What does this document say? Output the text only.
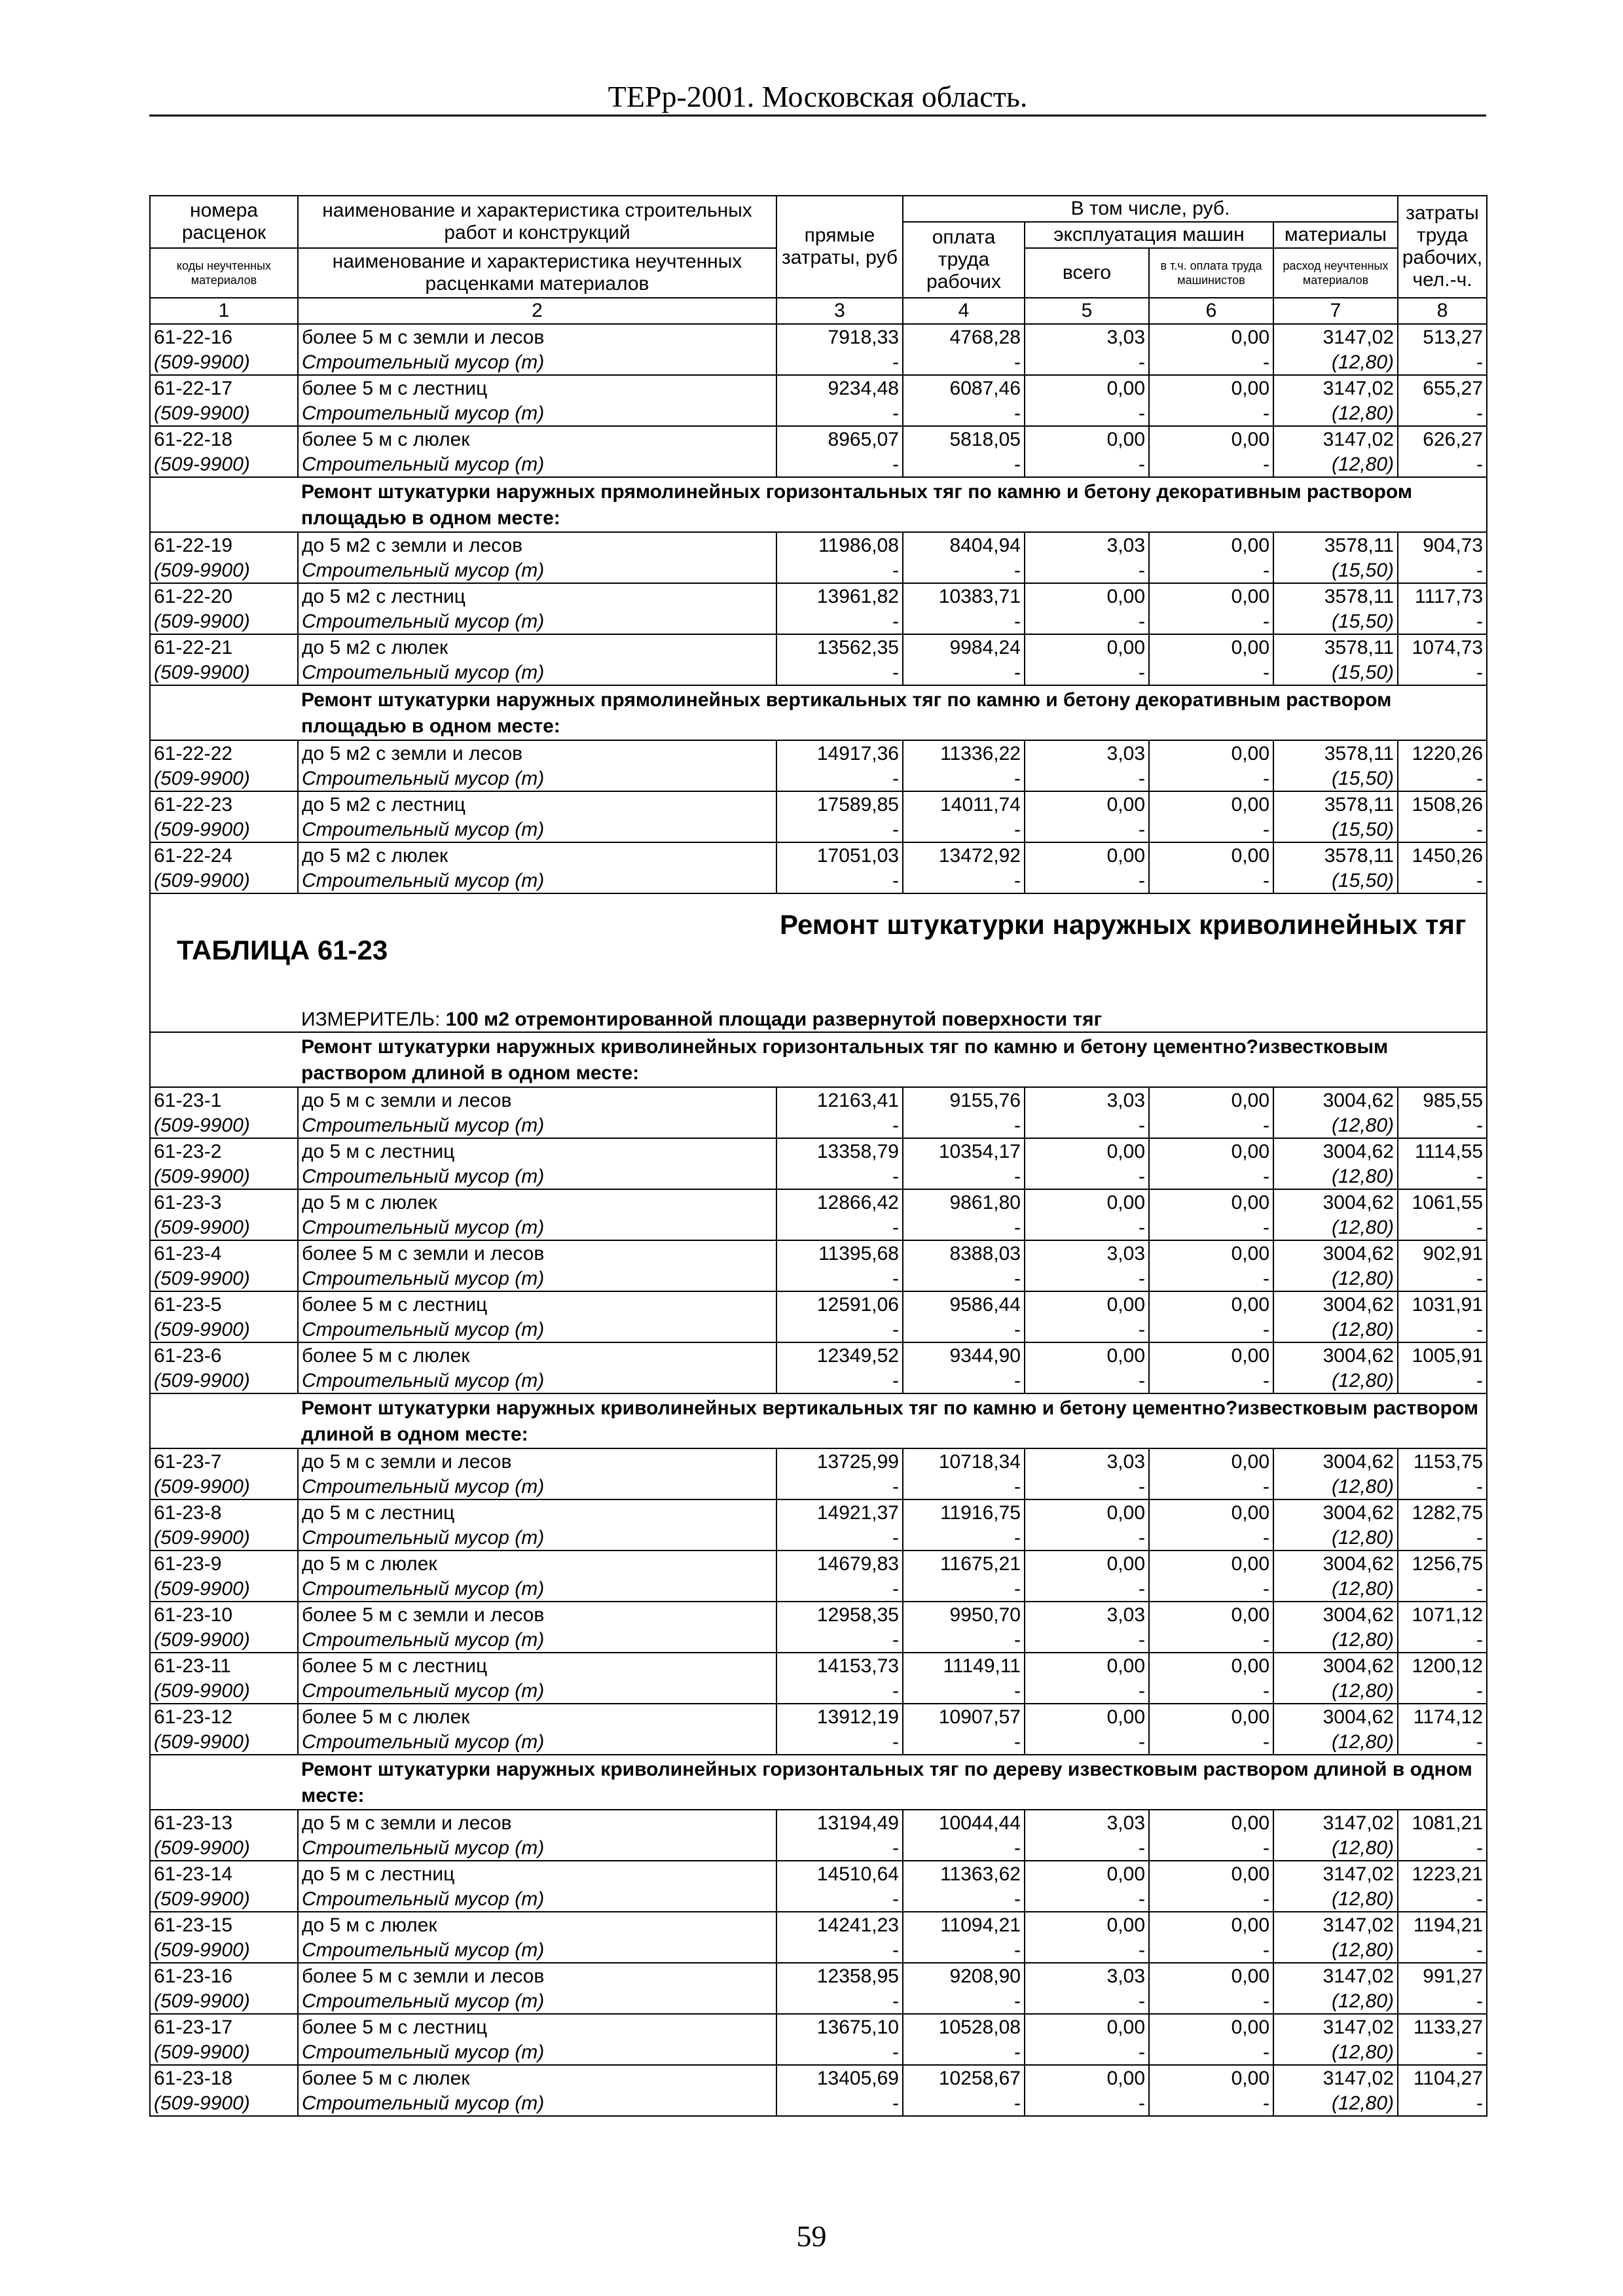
ТЕРр-2001. Московская область.
номера расценок	наименование и характеристика строительных работ и конструкций	прямые затраты, руб	В том числе, руб.				затраты труда рабочих, чел.-ч.
			оплата труда рабочих	эксплуатация машин		материалы	
коды неучтенных материалов	наименование и характеристика неучтенных расценками материалов			всего	в т.ч. оплата труда машинистов	расход неучтенных материалов	

1	2	3	4	5	6	7	8
61-22-16	более 5 м с земли и лесов	7918,33	4768,28	3,03	0,00	3147,02	513,27
(509-9900)	Строительный мусор (т)	-	-	-	-	(12,80)	-
61-22-17	более 5 м с лестниц	9234,48	6087,46	0,00	0,00	3147,02	655,27
(509-9900)	Строительный мусор (т)	-	-	-	-	(12,80)	-
61-22-18	более 5 м с люлек	8965,07	5818,05	0,00	0,00	3147,02	626,27
(509-9900)	Строительный мусор (т)	-	-	-	-	(12,80)	-
	Ремонт штукатурки наружных прямолинейных горизонтальных тяг по камню и бетону декоративным раствором площадью в одном месте:						
61-22-19	до 5 м2 с земли и лесов	11986,08	8404,94	3,03	0,00	3578,11	904,73
(509-9900)	Строительный мусор (т)	-	-	-	-	(15,50)	-
61-22-20	до 5 м2 с лестниц	13961,82	10383,71	0,00	0,00	3578,11	1117,73
(509-9900)	Строительный мусор (т)	-	-	-	-	(15,50)	-
61-22-21	до 5 м2 с люлек	13562,35	9984,24	0,00	0,00	3578,11	1074,73
(509-9900)	Строительный мусор (т)	-	-	-	-	(15,50)	-
	Ремонт штукатурки наружных прямолинейных вертикальных тяг по камню и бетону декоративным раствором площадью в одном месте:						
61-22-22	до 5 м2 с земли и лесов	14917,36	11336,22	3,03	0,00	3578,11	1220,26
(509-9900)	Строительный мусор (т)	-	-	-	-	(15,50)	-
61-22-23	до 5 м2 с лестниц	17589,85	14011,74	0,00	0,00	3578,11	1508,26
(509-9900)	Строительный мусор (т)	-	-	-	-	(15,50)	-
61-22-24	до 5 м2 с люлек	17051,03	13472,92	0,00	0,00	3578,11	1450,26
(509-9900)	Строительный мусор (т)	-	-	-	-	(15,50)	-
ТАБЛИЦА 61-23		Ремонт штукатурки наружных криволинейных тяг					
	ИЗМЕРИТЕЛЬ: 100 м2 отремонтированной площади развернутой поверхности тяг						
	Ремонт штукатурки наружных криволинейных горизонтальных тяг по камню и бетону цементно?известковым раствором длиной в одном месте:						
61-23-1	до 5 м с земли и лесов	12163,41	9155,76	3,03	0,00	3004,62	985,55
(509-9900)	Строительный мусор (т)	-	-	-	-	(12,80)	-
61-23-2	до 5 м с лестниц	13358,79	10354,17	0,00	0,00	3004,62	1114,55
(509-9900)	Строительный мусор (т)	-	-	-	-	(12,80)	-
61-23-3	до 5 м с люлек	12866,42	9861,80	0,00	0,00	3004,62	1061,55
(509-9900)	Строительный мусор (т)	-	-	-	-	(12,80)	-
61-23-4	более 5 м с земли и лесов	11395,68	8388,03	3,03	0,00	3004,62	902,91
(509-9900)	Строительный мусор (т)	-	-	-	-	(12,80)	-
61-23-5	более 5 м с лестниц	12591,06	9586,44	0,00	0,00	3004,62	1031,91
(509-9900)	Строительный мусор (т)	-	-	-	-	(12,80)	-
61-23-6	более 5 м с люлек	12349,52	9344,90	0,00	0,00	3004,62	1005,91
(509-9900)	Строительный мусор (т)	-	-	-	-	(12,80)	-
	Ремонт штукатурки наружных криволинейных вертикальных тяг по камню и бетону цементно?известковым раствором длиной в одном месте:						
61-23-7	до 5 м с земли и лесов	13725,99	10718,34	3,03	0,00	3004,62	1153,75
(509-9900)	Строительный мусор (т)	-	-	-	-	(12,80)	-
61-23-8	до 5 м с лестниц	14921,37	11916,75	0,00	0,00	3004,62	1282,75
(509-9900)	Строительный мусор (т)	-	-	-	-	(12,80)	-
61-23-9	до 5 м с люлек	14679,83	11675,21	0,00	0,00	3004,62	1256,75
(509-9900)	Строительный мусор (т)	-	-	-	-	(12,80)	-
61-23-10	более 5 м с земли и лесов	12958,35	9950,70	3,03	0,00	3004,62	1071,12
(509-9900)	Строительный мусор (т)	-	-	-	-	(12,80)	-
61-23-11	более 5 м с лестниц	14153,73	11149,11	0,00	0,00	3004,62	1200,12
(509-9900)	Строительный мусор (т)	-	-	-	-	(12,80)	-
61-23-12	более 5 м с люлек	13912,19	10907,57	0,00	0,00	3004,62	1174,12
(509-9900)	Строительный мусор (т)	-	-	-	-	(12,80)	-
	Ремонт штукатурки наружных криволинейных горизонтальных тяг по дереву известковым раствором длиной в одном месте:						
61-23-13	до 5 м с земли и лесов	13194,49	10044,44	3,03	0,00	3147,02	1081,21
(509-9900)	Строительный мусор (т)	-	-	-	-	(12,80)	-
61-23-14	до 5 м с лестниц	14510,64	11363,62	0,00	0,00	3147,02	1223,21
(509-9900)	Строительный мусор (т)	-	-	-	-	(12,80)	-
61-23-15	до 5 м с люлек	14241,23	11094,21	0,00	0,00	3147,02	1194,21
(509-9900)	Строительный мусор (т)	-	-	-	-	(12,80)	-
61-23-16	более 5 м с земли и лесов	12358,95	9208,90	3,03	0,00	3147,02	991,27
(509-9900)	Строительный мусор (т)	-	-	-	-	(12,80)	-
61-23-17	более 5 м с лестниц	13675,10	10528,08	0,00	0,00	3147,02	1133,27
(509-9900)	Строительный мусор (т)	-	-	-	-	(12,80)	-
61-23-18	более 5 м с люлек	13405,69	10258,67	0,00	0,00	3147,02	1104,27
(509-9900)	Строительный мусор (т)	-	-	-	-	(12,80)	-
59
